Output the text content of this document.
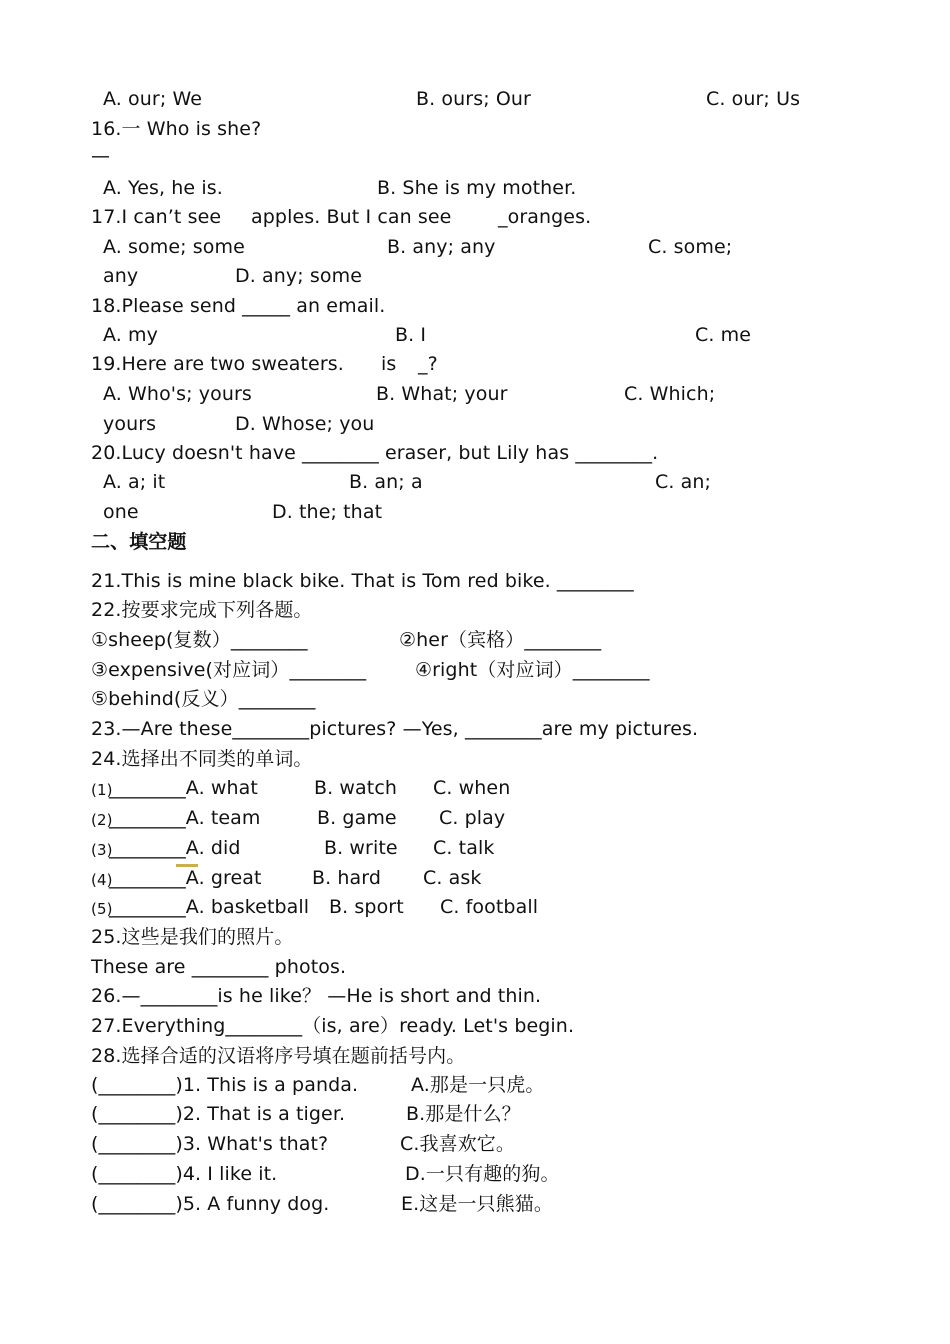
A. our; We	B. ours; Our	C. our; Us
16.一 Who is she?
—
A. Yes, he is.	B. She is my mother.
17.I can’t see apples. But I can see _oranges.
A. some; some	B. any; any	C. some;
any	D. any; some
18.Please send _____ an email.
A. my	B. I	C. me
19.Here are two sweaters. is _?
A. Who's; yours	B. What; your	C. Which;
yours	D. Whose; you
20.Lucy doesn't have ________ eraser, but Lily has ________.
A. a; it	B. an; a	C. an;
one	D. the; that
二、填空题
21.This is mine black bike. That is Tom red bike. ________
22.按要求完成下列各题。
①sheep(复数）________	②her（宾格）________
③expensive(对应词）________	④right（对应词）________
⑤behind(反义）________
23.—Are these________pictures? —Yes, ________are my pictures.
24.选择出不同类的单词。
(1)
________A. what	B. watch C. when
(2)
________A. team	B. game C. play
(3)
________A. did	B. write C. talk
(4)
________A. great	B. hard C. ask
(5)
________A. basketball B. sport C. football
25.这些是我们的照片。
These are ________ photos.
26.—________is he like？ —He is short and thin.
27.Everything________（is, are）ready. Let's begin.
28.选择合适的汉语将序号填在题前括号内。
(________)1. This is a panda.	A.那是一只虎。
(________)2. That is a tiger.	B.那是什么？
(________)3. What's that?	C.我喜欢它。
(________)4. I like it.	D.一只有趣的狗。
(________)5. A funny dog.	E.这是一只熊猫。
